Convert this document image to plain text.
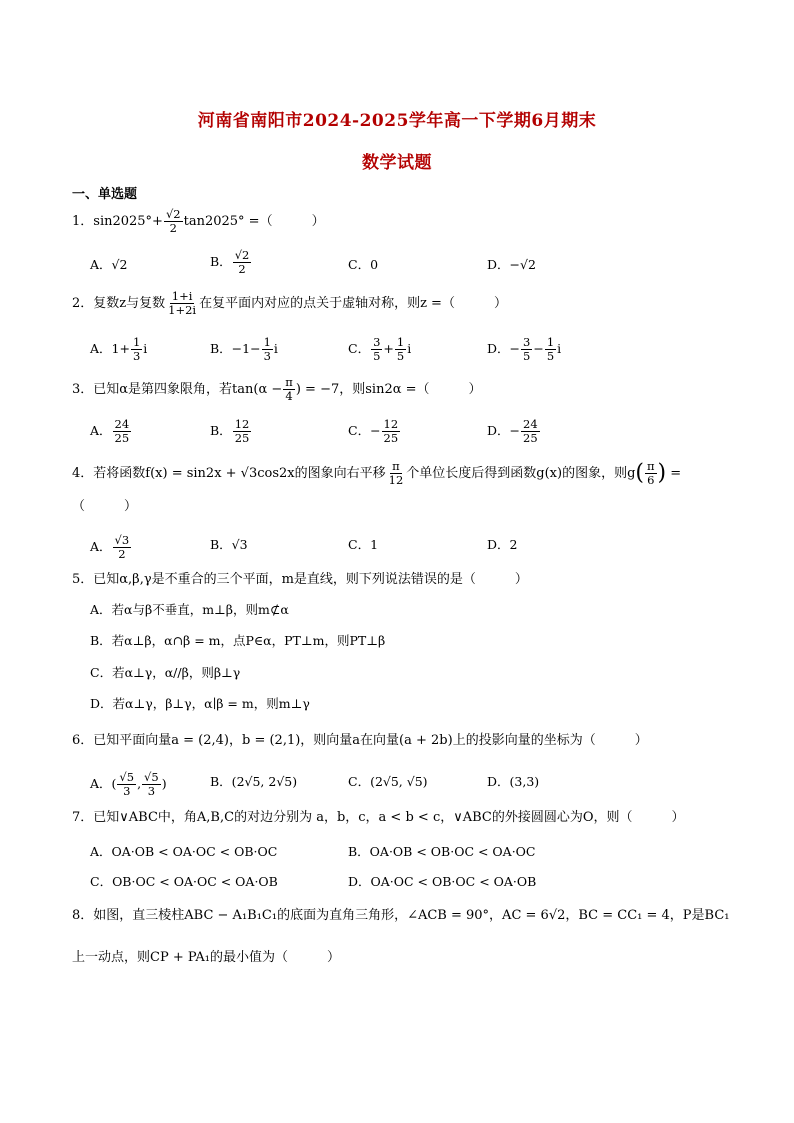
河南省南阳市2024-2025学年高一下学期6月期末
数学试题
一、单选题
1．$\sin 2025^\circ+ \frac{√2}{2} \tan 2025^\circ$ =（　　　）
A．√2	B． $\frac{√2}{2}$	C．0	D．−√2
2．复数z与复数 $\frac{1+i}{1+2i}$ 在复平面内对应的点关于虚轴对称，则z =（　　　）
A．$1+ \frac{1}{3}$ i	B．$-1- \frac{1}{3}$ i	C． $\frac{3}{5} + \frac{1}{5}$ i	D．− $\frac{3}{5} - \frac{1}{5}$ i
3．已知α是第四象限角，若$\tan(\alpha - \frac{\pi}{4}$ ) = −7，则sin2α =（　　　）
A． $\frac{24}{25}$	B． $\frac{12}{25}$	C．− $\frac{12}{25}$	D．− $\frac{24}{25}$
4．若将函数f(x) = sin2x + √3cos2x的图象向右平移 $\frac{\pi}{12}$ 个单位长度后得到函数g(x)的图象，则$g( \frac{\pi}{6}$ ) =
（　　　）
A． $\frac{√3}{2}$	B．√3	C．1	D．2
5．已知α,β,γ是不重合的三个平面，m是直线，则下列说法错误的是（　　　）
A．若α与β不垂直，m⊥β，则m⊄α
B．若α⊥β，α∩β = m，点P∈α，PT⊥m，则PT⊥β
C．若α⊥γ，α//β，则β⊥γ
D．若α⊥γ，β⊥γ，α∣β = m，则m⊥γ
6．已知平面向量a = (2,4)，b = (2,1)，则向量a在向量(a + 2b)上的投影向量的坐标为（　　　）
A．( $\frac{√5}{3}$ , $\frac{√5}{3}$ )	B．(2√5, 2√5)	C．(2√5, √5)	D．(3,3)
7．已知∨ABC中，角A,B,C的对边分别为 a，b，c，a < b < c，∨ABC的外接圆圆心为O，则（　　　）
A．OA·OB < OA·OC < OB·OC	B．OA·OB < OB·OC < OA·OC
C．OB·OC < OA·OC < OA·OB	D．OA·OC < OB·OC < OA·OB
8．如图，直三棱柱ABC − A₁B₁C₁的底面为直角三角形，∠ACB = 90°，AC = 6√2，BC = CC₁ = 4，P是BC₁
上一动点，则CP + PA₁的最小值为（　　　）
